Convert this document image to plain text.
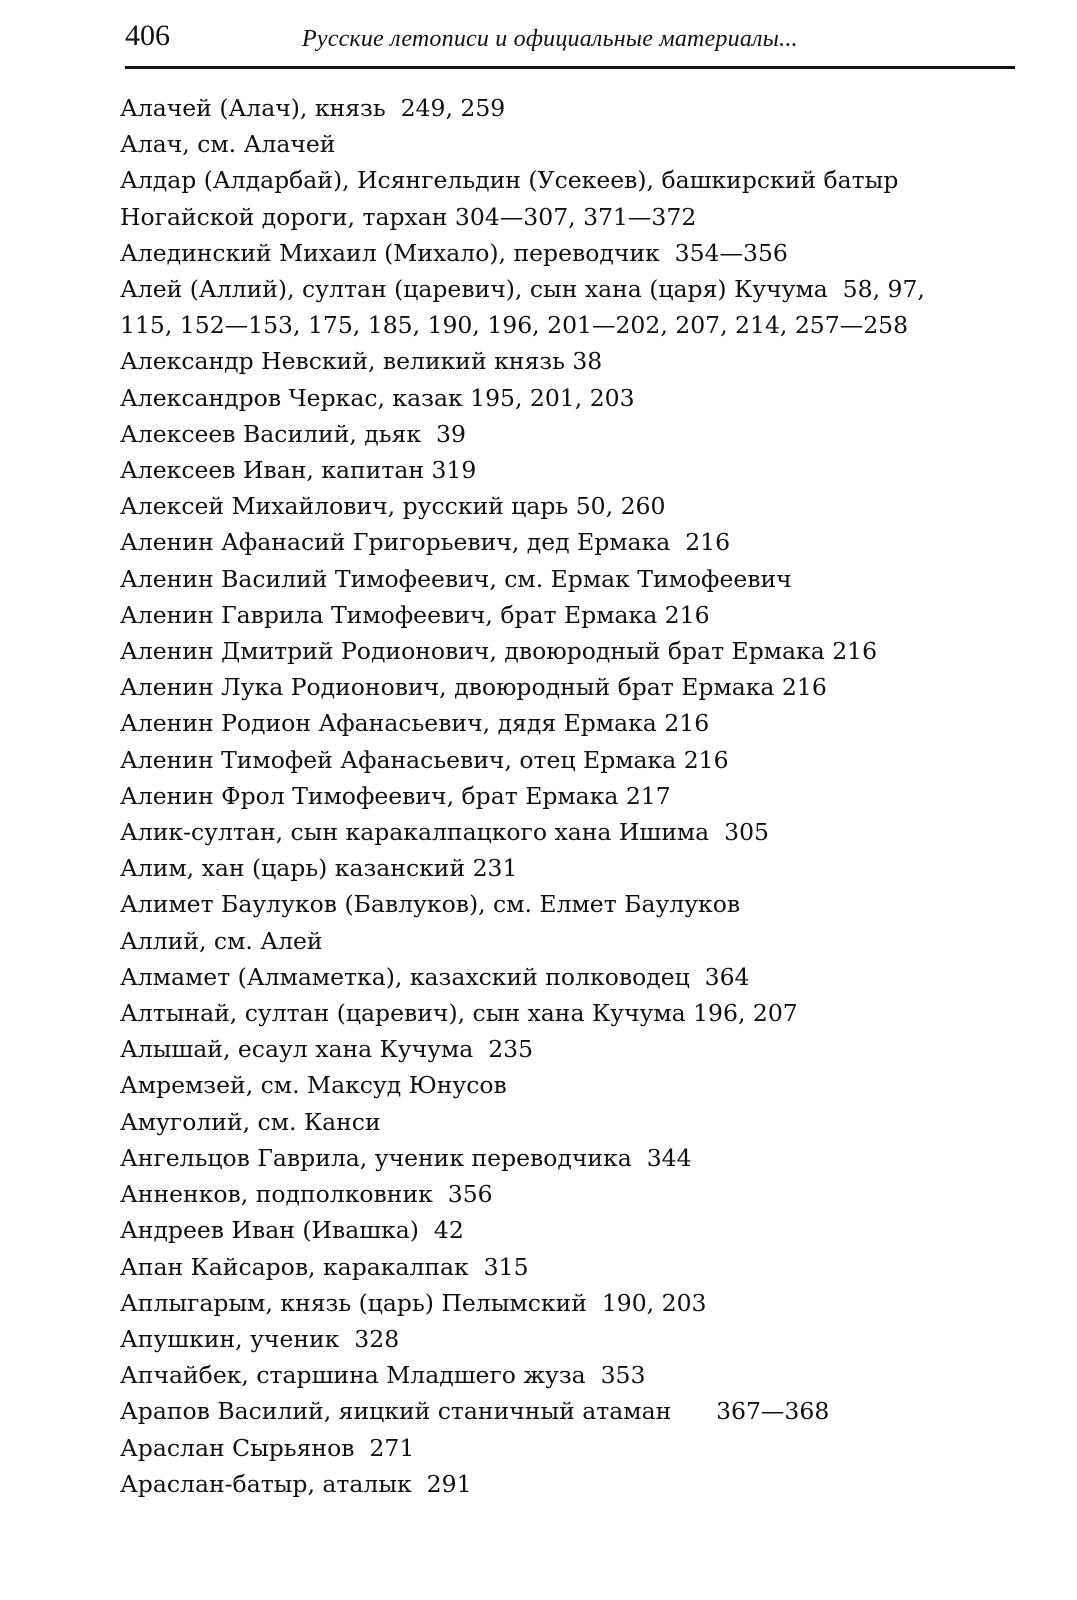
406	Русские летописи и официальные материалы...
Алачей (Алач), князь  249, 259
Алач, см. Алачей
Алдар (Алдарбай), Исянгельдин (Усекеев), башкирский батыр
Ногайской дороги, тархан 304—307, 371—372
Алединский Михаил (Михало), переводчик  354—356
Алей (Аллий), султан (царевич), сын хана (царя) Кучума  58, 97,
115, 152—153, 175, 185, 190, 196, 201—202, 207, 214, 257—258
Александр Невский, великий князь 38
Александров Черкас, казак 195, 201, 203
Алексеев Василий, дьяк  39
Алексеев Иван, капитан 319
Алексей Михайлович, русский царь 50, 260
Аленин Афанасий Григорьевич, дед Ермака  216
Аленин Василий Тимофеевич, см. Ермак Тимофеевич
Аленин Гаврила Тимофеевич, брат Ермака 216
Аленин Дмитрий Родионович, двоюродный брат Ермака 216
Аленин Лука Родионович, двоюродный брат Ермака 216
Аленин Родион Афанасьевич, дядя Ермака 216
Аленин Тимофей Афанасьевич, отец Ермака 216
Аленин Фрол Тимофеевич, брат Ермака 217
Алик-султан, сын каракалпацкого хана Ишима  305
Алим, хан (царь) казанский 231
Алимет Баулуков (Бавлуков), см. Елмет Баулуков
Аллий, см. Алей
Алмамет (Алмаметка), казахский полководец  364
Алтынай, султан (царевич), сын хана Кучума 196, 207
Алышай, есаул хана Кучума  235
Амремзей, см. Максуд Юнусов
Амуголий, см. Канси
Ангельцов Гаврила, ученик переводчика  344
Анненков, подполковник  356
Андреев Иван (Ивашка)  42
Апан Кайсаров, каракалпак  315
Аплыгарым, князь (царь) Пелымский  190, 203
Апушкин, ученик  328
Апчайбек, старшина Младшего жуза  353
Арапов Василий, яицкий станичный атаман      367—368
Араслан Сырьянов  271
Араслан-батыр, аталык  291
